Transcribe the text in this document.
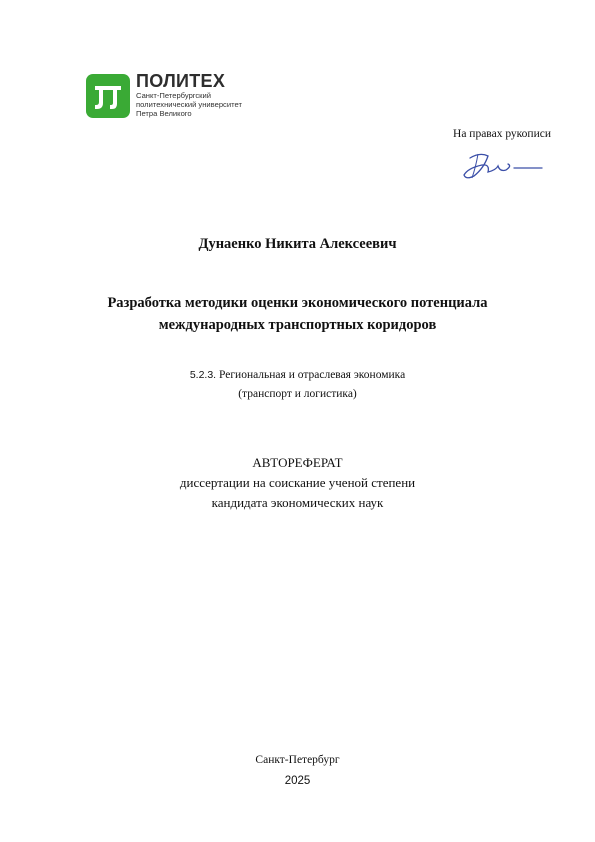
ПОЛИТЕХ
Санкт-Петербургский
политехнический университет
Петра Великого
На правах рукописи
Дунаенко Никита Алексеевич
Разработка методики оценки экономического потенциала
международных транспортных коридоров
5.2.3. Региональная и отраслевая экономика
(транспорт и логистика)
АВТОРЕФЕРАТ
диссертации на соискание ученой степени
кандидата экономических наук
Санкт-Петербург
2025
